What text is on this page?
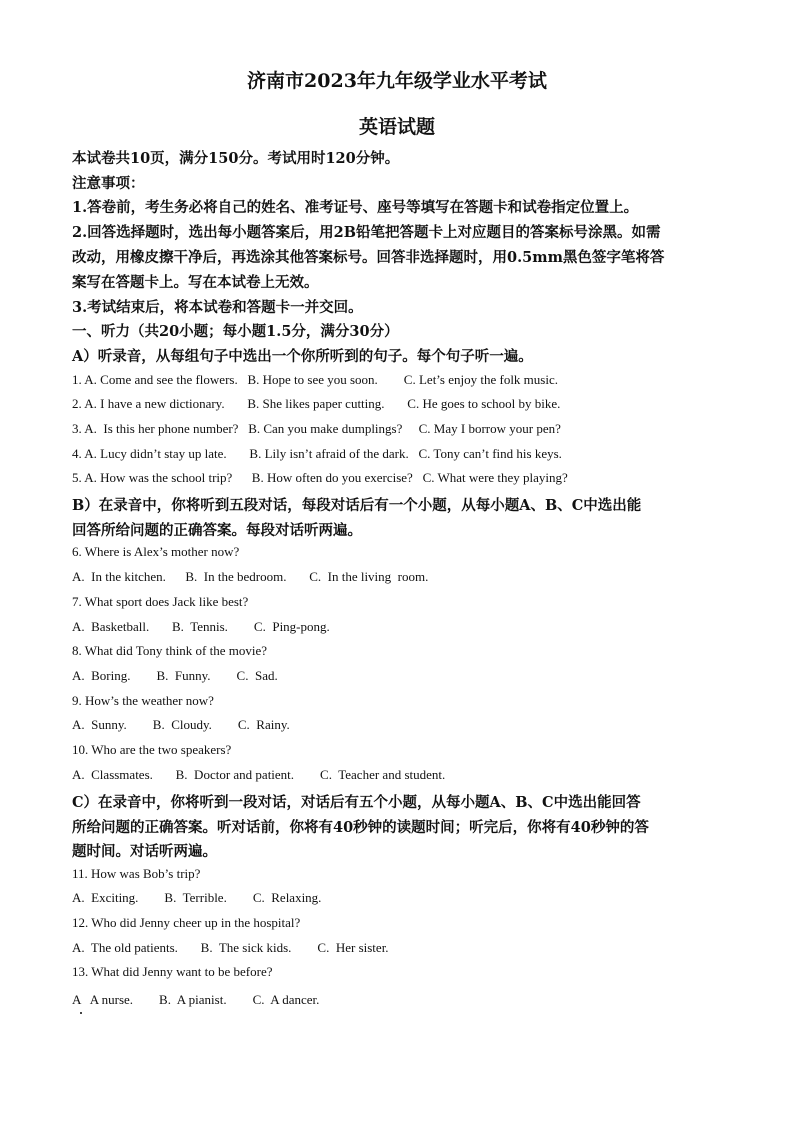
济南市2023年九年级学业水平考试
英语试题
本试卷共10页，满分150分。考试用时120分钟。
注意事项：
1.答卷前，考生务必将自己的姓名、准考证号、座号等填写在答题卡和试卷指定位置上。
2.回答选择题时，选出每小题答案后，用2B铅笔把答题卡上对应题目的答案标号涂黑。如需
改动，用橡皮擦干净后，再选涂其他答案标号。回答非选择题时，用0.5mm黑色签字笔将答
案写在答题卡上。写在本试卷上无效。
3.考试结束后，将本试卷和答题卡一并交回。
一、听力（共20小题；每小题1.5分，满分30分）
A）听录音，从每组句子中选出一个你所听到的句子。每个句子听一遍。
1. A. Come and see the flowers.   B. Hope to see you soon.        C. Let’s enjoy the folk music.
2. A. I have a new dictionary.       B. She likes paper cutting.       C. He goes to school by bike.
3. A.  Is this her phone number?   B. Can you make dumplings?     C. May I borrow your pen?
4. A. Lucy didn’t stay up late.       B. Lily isn’t afraid of the dark.   C. Tony can’t find his keys.
5. A. How was the school trip?      B. How often do you exercise?   C. What were they playing?
B）在录音中，你将听到五段对话，每段对话后有一个小题，从每小题A、B、C中选出能
回答所给问题的正确答案。每段对话听两遍。
6. Where is Alex’s mother now?
A.  In the kitchen.      B.  In the bedroom.       C.  In the living  room.
7. What sport does Jack like best?
A.  Basketball.       B.  Tennis.        C.  Ping-pong.
8. What did Tony think of the movie?
A.  Boring.        B.  Funny.        C.  Sad.
9. How’s the weather now?
A.  Sunny.        B.  Cloudy.        C.  Rainy.
10. Who are the two speakers?
A.  Classmates.       B.  Doctor and patient.        C.  Teacher and student.
C）在录音中，你将听到一段对话，对话后有五个小题，从每小题A、B、C中选出能回答
所给问题的正确答案。听对话前，你将有40秒钟的读题时间；听完后，你将有40秒钟的答
题时间。对话听两遍。
11. How was Bob’s trip?
A.  Exciting.        B.  Terrible.        C.  Relaxing.
12. Who did Jenny cheer up in the hospital?
A.  The old patients.       B.  The sick kids.        C.  Her sister.
13. What did Jenny want to be before?
A   A nurse.        B.  A pianist.        C.  A dancer.
